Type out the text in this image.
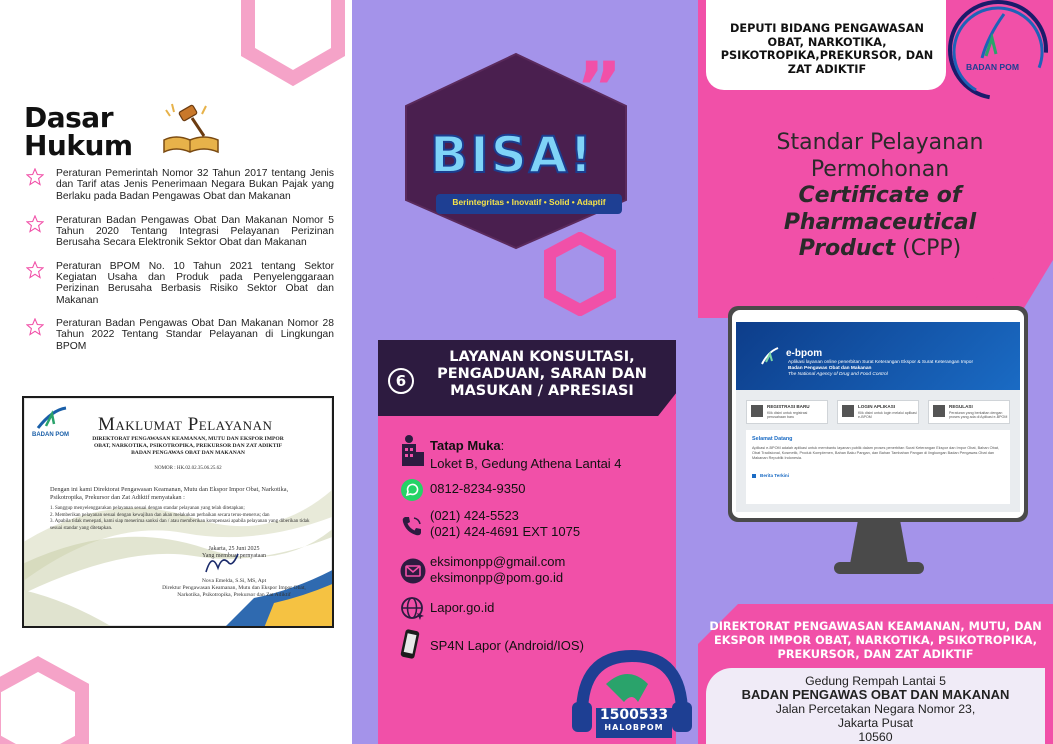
Dasar
Hukum
Peraturan Pemerintah Nomor 32 Tahun 2017 tentang Jenis dan Tarif atas Jenis Penerimaan Negara Bukan Pajak yang Berlaku pada Badan Pengawas Obat dan Makanan
Peraturan Badan Pengawas Obat Dan Makanan Nomor 5 Tahun 2020 Tentang Integrasi Pelayanan Perizinan Berusaha Secara Elektronik Sektor Obat dan Makanan
Peraturan BPOM No. 10 Tahun 2021 tentang Sektor Kegiatan Usaha dan Produk pada Penyelenggaraan Perizinan Berusaha Berbasis Risiko Sektor Obat dan Makanan
Peraturan Badan Pengawas Obat Dan Makanan Nomor 28 Tahun 2022 Tentang Standar Pelayanan di Lingkungan BPOM
BADAN POM Maklumat Pelayanan
DIREKTORAT PENGAWASAN KEAMANAN, MUTU DAN EKSPOR IMPOR OBAT, NARKOTIKA, PSIKOTROPIKA, PREKURSOR DAN ZAT ADIKTIF BADAN PENGAWAS OBAT DAN MAKANAN
NOMOR : HK.02.02.35.06.25.62
Dengan ini kami Direktorat Pengawasan Keamanan, Mutu dan Ekspor Impor Obat, Narkotika, Psikotropika, Prekursor dan Zat Adiktif menyatakan :
1. Sanggup menyelenggarakan pelayanan sesuai dengan standar pelayanan yang telah ditetapkan;
2. Memberikan pelayanan sesuai dengan kewajiban dan akan melakukan perbaikan secara terus-menerus; dan
3. Apabila tidak menepati, kami siap menerima sanksi dan / atau memberikan kompensasi apabila pelayanan yang diberikan tidak sesuai standar yang ditetapkan.
Jakarta, 25 Juni 2025
Yang membuat pernyataan
Nova Emelda, S.Si, MS, Apt
Direktur Pengawasan Keamanan, Mutu dan Ekspor Impor Obat, Narkotika, Psikotropika, Prekursor dan Zat Adiktif
”
BISA!
Berintegritas • Inovatif • Solid • Adaptif
6
LAYANAN KONSULTASI,
PENGADUAN, SARAN DAN
MASUKAN / APRESIASI
Tatap Muka:
Loket B, Gedung Athena Lantai 4
0812-8234-9350
(021) 424-5523
(021) 424-4691 EXT 1075
eksimonpp@gmail.com
eksimonpp@pom.go.id
Lapor.go.id
SP4N Lapor (Android/IOS)
1500533
HALOBPOM
DEPUTI BIDANG PENGAWASAN OBAT, NARKOTIKA, PSIKOTROPIKA,PREKURSOR, DAN ZAT ADIKTIF	BADAN POM
Standar Pelayanan
Permohonan
Certificate of
Pharmaceutical
Product (CPP)
e-bpom
Aplikasi layanan online penerbitan Surat Keterangan Ekspor & Surat Keterangan Impor
Badan Pengawas Obat dan Makanan
The National Agency of Drug and Food Control
REGISTRASI BARU
Klik disini untuk registrasi perusahaan baru
LOGIN APLIKASI
Klik disini untuk login melalui aplikasi e-BPOM
REGULASI
Peraturan yang berkaitan dengan proses yang ada di Aplikasi e-BPOM
Selamat Datang
Aplikasi e-BPOM adalah aplikasi untuk membantu layanan publik dalam proses penerbitan Surat Keterangan Ekspor dan Impor Obat, Bahan Obat, Obat Tradisional, Kosmetik, Produk Komplemen, Bahan Baku Pangan, dan Bahan Tambahan Pangan di lingkungan Badan Pengawas Obat dan Makanan Republik Indonesia.
Berita Terkini
DIREKTORAT PENGAWASAN KEAMANAN, MUTU, DAN EKSPOR IMPOR OBAT, NARKOTIKA, PSIKOTROPIKA, PREKURSOR, DAN ZAT ADIKTIF
Gedung Rempah Lantai 5
BADAN PENGAWAS OBAT DAN MAKANAN
Jalan Percetakan Negara Nomor 23,
Jakarta Pusat
10560
